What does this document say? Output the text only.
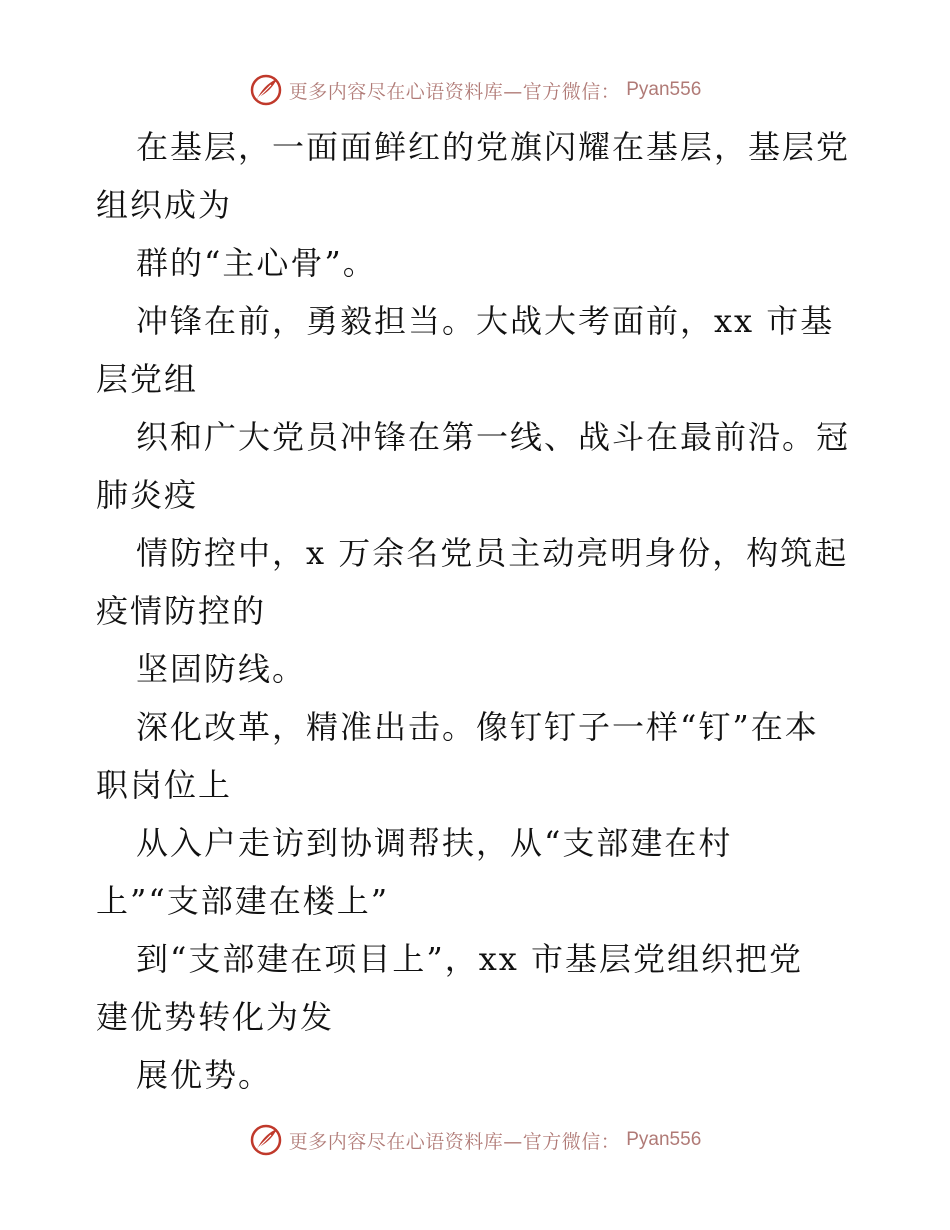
更多内容尽在心语资料库—官方微信： Pyan556
在基层，一面面鲜红的党旗闪耀在基层，基层党
组织成为
群的“主心骨”。
冲锋在前，勇毅担当。大战大考面前，xx 市基
层党组
织和广大党员冲锋在第一线、战斗在最前沿。冠
肺炎疫
情防控中，x 万余名党员主动亮明身份，构筑起
疫情防控的
坚固防线。
深化改革，精准出击。像钉钉子一样“钉”在本
职岗位上
从入户走访到协调帮扶，从“支部建在村
上”“支部建在楼上”
到“支部建在项目上”，xx 市基层党组织把党
建优势转化为发
展优势。
更多内容尽在心语资料库—官方微信： Pyan556
